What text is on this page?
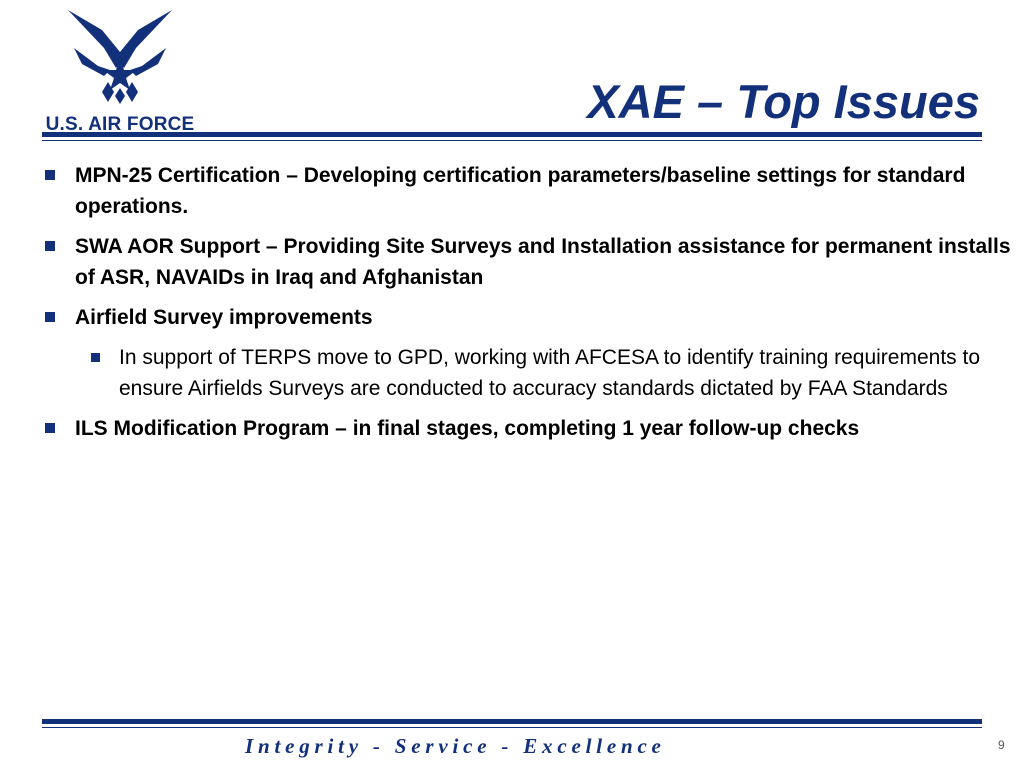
U.S. AIR FORCE	XAE – Top Issues
MPN-25 Certification – Developing certification parameters/baseline settings for standard operations.
SWA AOR Support – Providing Site Surveys and Installation assistance for permanent installs of ASR, NAVAIDs in Iraq and Afghanistan
Airfield Survey improvements
In support of TERPS move to GPD, working with AFCESA to identify training requirements to ensure Airfields Surveys are conducted to accuracy standards dictated by FAA Standards
ILS Modification Program – in final stages, completing 1 year follow-up checks
Integrity - Service - Excellence	9
